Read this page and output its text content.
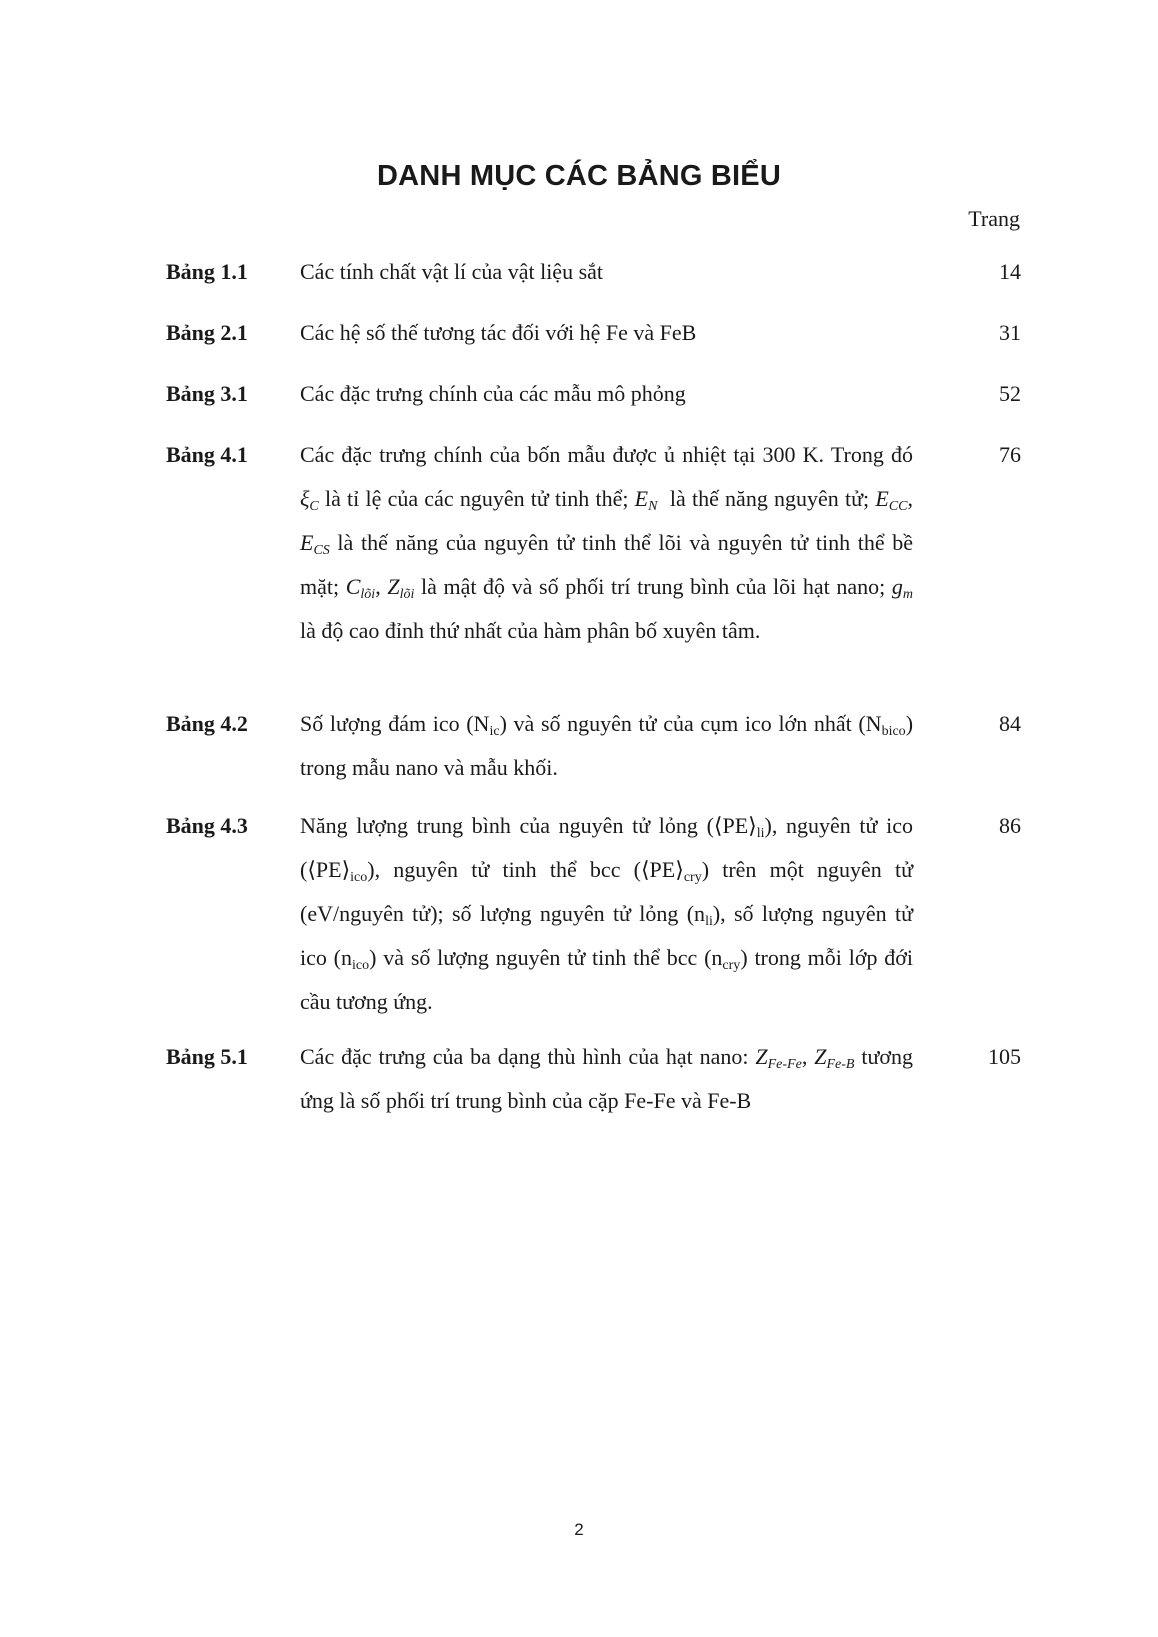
DANH MỤC CÁC BẢNG BIỂU
Trang
Bảng 1.1 Các tính chất vật lí của vật liệu sắt	14
Bảng 2.1 Các hệ số thế tương tác đối với hệ Fe và FeB	31
Bảng 3.1 Các đặc trưng chính của các mẫu mô phỏng	52
Bảng 4.1 Các đặc trưng chính của bốn mẫu được ủ nhiệt tại 300 K. Trong đó $\xi_C$ là tỉ lệ của các nguyên tử tinh thể; $E_N$  là thế năng nguyên tử; $E_{CC}$, $E_{CS}$ là thế năng của nguyên tử tinh thể lõi và nguyên tử tinh thể bề mặt; $C_{lõi}$, $Z_{lõi}$ là mật độ và số phối trí trung bình của lõi hạt nano; $g_m$ là độ cao đỉnh thứ nhất của hàm phân bố xuyên tâm.
76
Bảng 4.2 Số lượng đám ico $(N_{ic})$ và số nguyên tử của cụm ico lớn nhất $(N_{bico})$ trong mẫu nano và mẫu khối.
84
Bảng 4.3 Năng lượng trung bình của nguyên tử lỏng $(⟨PE⟩_{li})$, nguyên tử ico $(⟨PE⟩_{ico})$, nguyên tử tinh thể bcc $(⟨PE⟩_{cry})$ trên một nguyên tử (eV/nguyên tử); số lượng nguyên tử lỏng $(n_{li})$, số lượng nguyên tử ico $(n_{ico})$ và số lượng nguyên tử tinh thể bcc $(n_{cry})$ trong mỗi lớp đới cầu tương ứng.
86
Bảng 5.1 Các đặc trưng của ba dạng thù hình của hạt nano: $Z_{Fe-Fe}$, $Z_{Fe-B}$ tương ứng là số phối trí trung bình của cặp Fe-Fe và Fe-B
105
2
